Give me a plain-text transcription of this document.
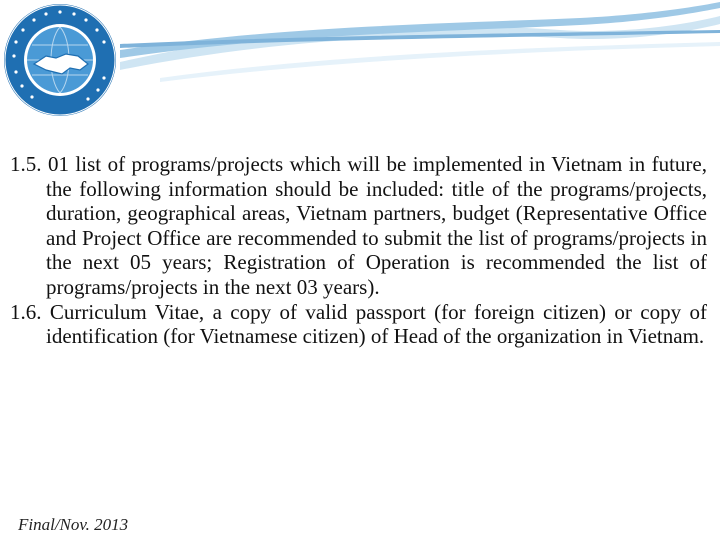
1.5. 01 list of programs/projects which will be implemented in Vietnam in future, the following information should be included: title of the programs/projects, duration, geographical areas, Vietnam partners, budget (Representative Office and Project Office are recommended to submit the list of programs/projects in the next 05 years; Registration of Operation is recommended the list of programs/projects in the next 03 years).
1.6. Curriculum Vitae, a copy of valid passport (for foreign citizen) or copy of identification (for Vietnamese citizen) of Head of the organization in Vietnam.
Final/Nov. 2013
